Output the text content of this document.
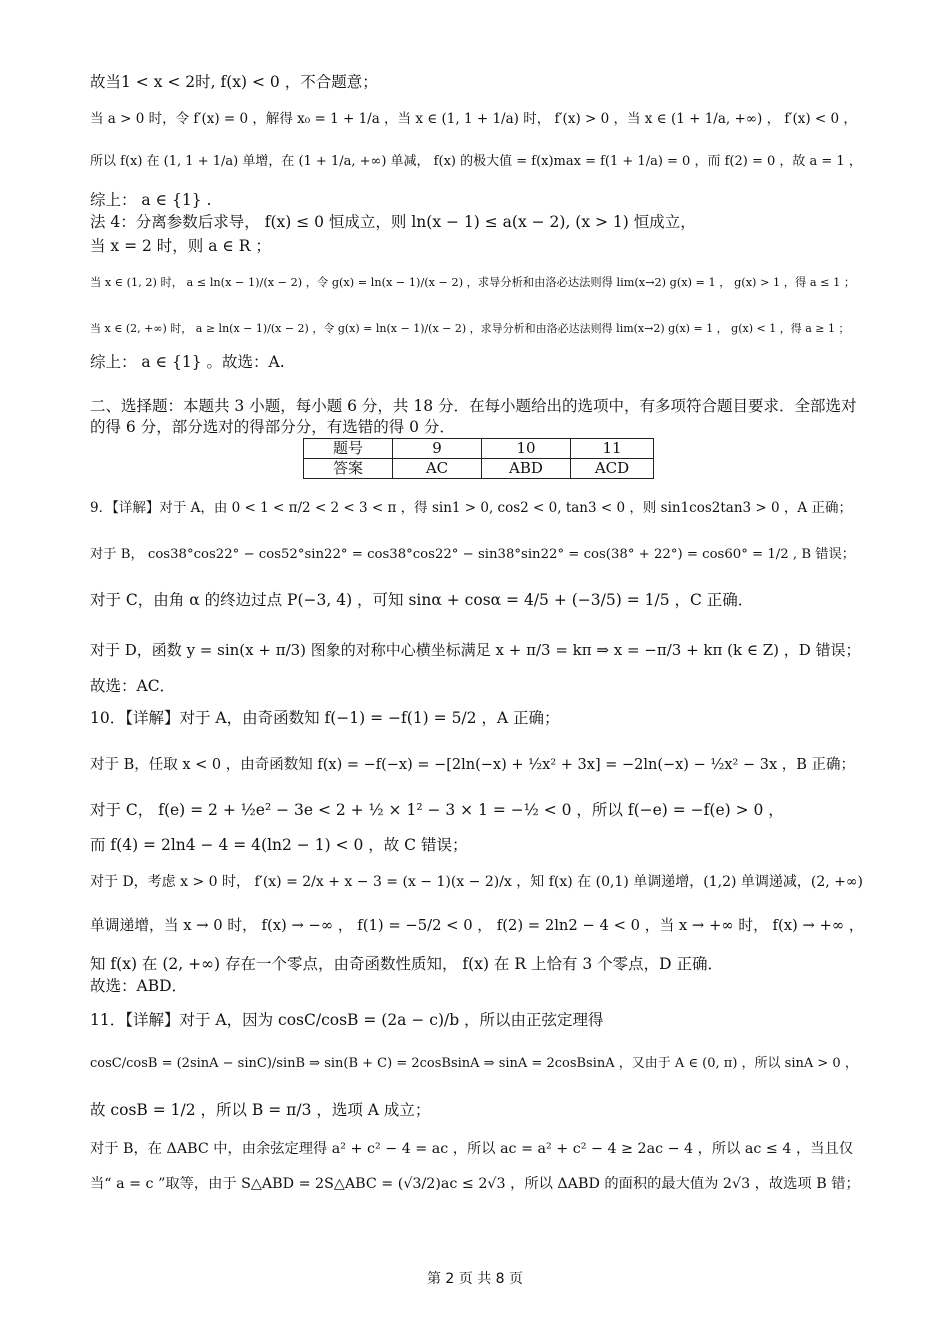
故当1 < x < 2时, f(x) < 0 ，不合题意；
当 a > 0 时，令 f′(x) = 0 ，解得 x₀ = 1 + 1/a ，当 x ∈ (1, 1 + 1/a) 时， f′(x) > 0 ，当 x ∈ (1 + 1/a, +∞) ， f′(x) < 0 ，
所以 f(x) 在 (1, 1 + 1/a) 单增，在 (1 + 1/a, +∞) 单减， f(x) 的极大值 = f(x)max = f(1 + 1/a) = 0 ，而 f(2) = 0 ，故 a = 1 ，
综上： a ∈ {1} .
法 4：分离参数后求导， f(x) ≤ 0 恒成立，则 ln(x − 1) ≤ a(x − 2), (x > 1) 恒成立，
当 x = 2 时，则 a ∈ R ；
当 x ∈ (1, 2) 时， a ≤ ln(x − 1)/(x − 2) ，令 g(x) = ln(x − 1)/(x − 2) ，求导分析和由洛必达法则得 lim(x→2) g(x) = 1 ， g(x) > 1 ，得 a ≤ 1 ；
当 x ∈ (2, +∞) 时， a ≥ ln(x − 1)/(x − 2) ，令 g(x) = ln(x − 1)/(x − 2) ，求导分析和由洛必达法则得 lim(x→2) g(x) = 1 ， g(x) < 1 ，得 a ≥ 1 ；
综上： a ∈ {1} 。故选：A.
二、选择题：本题共 3 小题，每小题 6 分，共 18 分．在每小题给出的选项中，有多项符合题目要求．全部选对的得 6 分，部分选对的得部分分，有选错的得 0 分．
题号	9	10	11
答案	AC	ABD	ACD
9．【详解】对于 A，由 0 < 1 < π/2 < 2 < 3 < π ，得 sin1 > 0, cos2 < 0, tan3 < 0 ，则 sin1cos2tan3 > 0 ，A 正确；
对于 B， cos38°cos22° − cos52°sin22° = cos38°cos22° − sin38°sin22° = cos(38° + 22°) = cos60° = 1/2 , B 错误；
对于 C，由角 α 的终边过点 P(−3, 4) ，可知 sinα + cosα = 4/5 + (−3/5) = 1/5 ，C 正确．
对于 D，函数 y = sin(x + π/3) 图象的对称中心横坐标满足 x + π/3 = kπ ⇒ x = −π/3 + kπ (k ∈ Z) ，D 错误；
故选：AC．
10．【详解】对于 A，由奇函数知 f(−1) = −f(1) = 5/2 ，A 正确；
对于 B，任取 x < 0 ，由奇函数知 f(x) = −f(−x) = −[2ln(−x) + ½x² + 3x] = −2ln(−x) − ½x² − 3x ，B 正确；
对于 C， f(e) = 2 + ½e² − 3e < 2 + ½ × 1² − 3 × 1 = −½ < 0 ，所以 f(−e) = −f(e) > 0 ，
而 f(4) = 2ln4 − 4 = 4(ln2 − 1) < 0 ，故 C 错误；
对于 D，考虑 x > 0 时， f′(x) = 2/x + x − 3 = (x − 1)(x − 2)/x ，知 f(x) 在 (0,1) 单调递增，(1,2) 单调递减，(2, +∞)
单调递增，当 x → 0 时， f(x) → −∞ ， f(1) = −5/2 < 0 ， f(2) = 2ln2 − 4 < 0 ，当 x → +∞ 时， f(x) → +∞ ，
知 f(x) 在 (2, +∞) 存在一个零点，由奇函数性质知， f(x) 在 R 上恰有 3 个零点，D 正确．
故选：ABD．
11．【详解】对于 A，因为 cosC/cosB = (2a − c)/b ，所以由正弦定理得
cosC/cosB = (2sinA − sinC)/sinB ⇒ sin(B + C) = 2cosBsinA ⇒ sinA = 2cosBsinA ，又由于 A ∈ (0, π) ，所以 sinA > 0 ，
故 cosB = 1/2 ，所以 B = π/3 ，选项 A 成立；
对于 B，在 ΔABC 中，由余弦定理得 a² + c² − 4 = ac ，所以 ac = a² + c² − 4 ≥ 2ac − 4 ，所以 ac ≤ 4 ，当且仅
当“ a = c ”取等，由于 S△ABD = 2S△ABC = (√3/2)ac ≤ 2√3 ，所以 ΔABD 的面积的最大值为 2√3 ，故选项 B 错；
第 2 页 共 8 页
